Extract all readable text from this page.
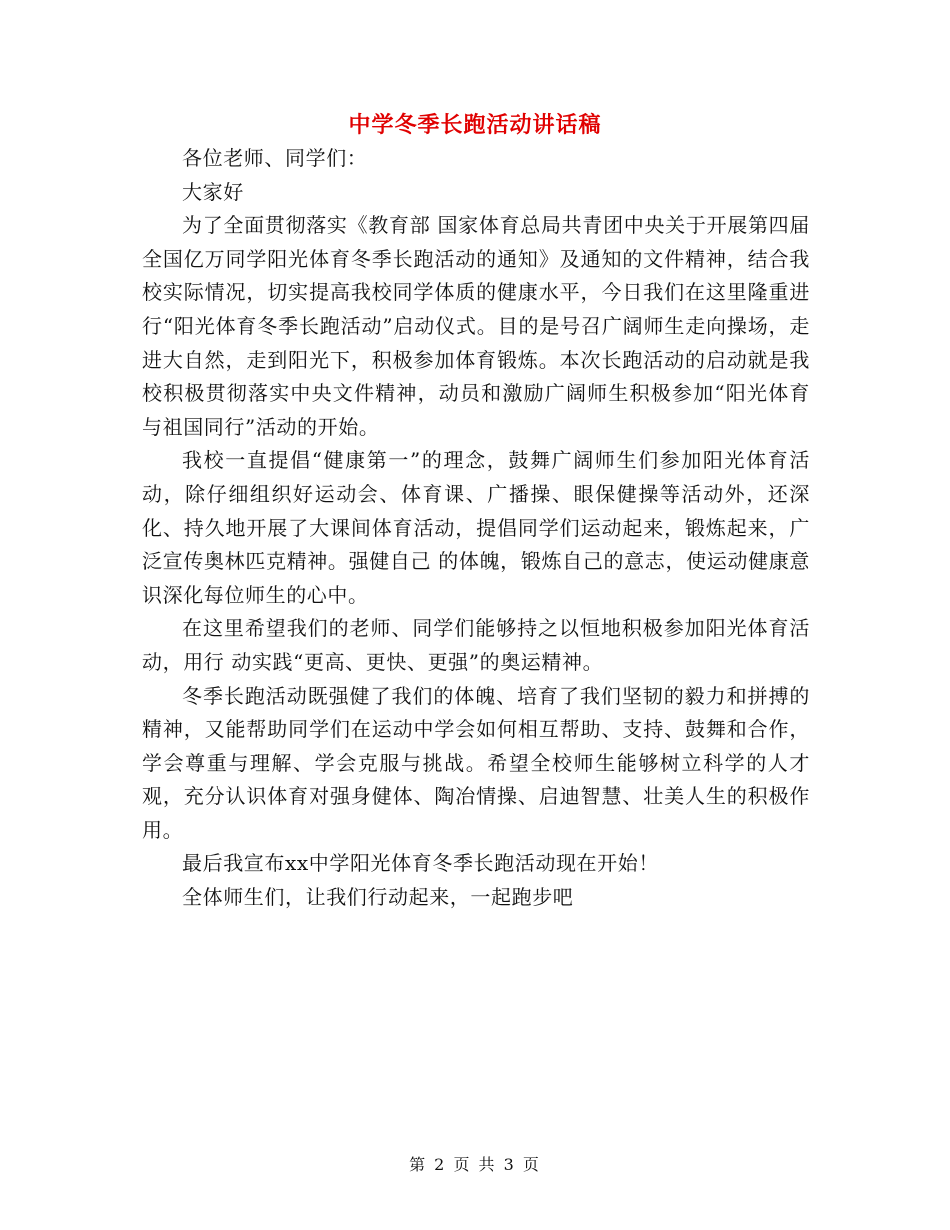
中学冬季长跑活动讲话稿

各位老师、同学们：

大家好

为了全面贯彻落实《教育部 国家体育总局共青团中央关于开展第四届全国亿万同学阳光体育冬季长跑活动的通知》及通知的文件精神，结合我校实际情况，切实提高我校同学体质的健康水平，今日我们在这里隆重进行“阳光体育冬季长跑活动”启动仪式。目的是号召广阔师生走向操场，走进大自然，走到阳光下，积极参加体育锻炼。本次长跑活动的启动就是我校积极贯彻落实中央文件精神，动员和激励广阔师生积极参加“阳光体育与祖国同行”活动的开始。

我校一直提倡“健康第一”的理念，鼓舞广阔师生们参加阳光体育活动，除仔细组织好运动会、体育课、广播操、眼保健操等活动外，还深化、持久地开展了大课间体育活动，提倡同学们运动起来，锻炼起来，广泛宣传奥林匹克精神。强健自己 的体魄，锻炼自己的意志，使运动健康意识深化每位师生的心中。

在这里希望我们的老师、同学们能够持之以恒地积极参加阳光体育活动，用行 动实践“更高、更快、更强”的奥运精神。

冬季长跑活动既强健了我们的体魄、培育了我们坚韧的毅力和拼搏的精神，又能帮助同学们在运动中学会如何相互帮助、支持、鼓舞和合作，学会尊重与理解、学会克服与挑战。希望全校师生能够树立科学的人才观，充分认识体育对强身健体、陶冶情操、启迪智慧、壮美人生的积极作用。

最后我宣布xx中学阳光体育冬季长跑活动现在开始！

全体师生们，让我们行动起来，一起跑步吧

第 2 页 共 3 页
